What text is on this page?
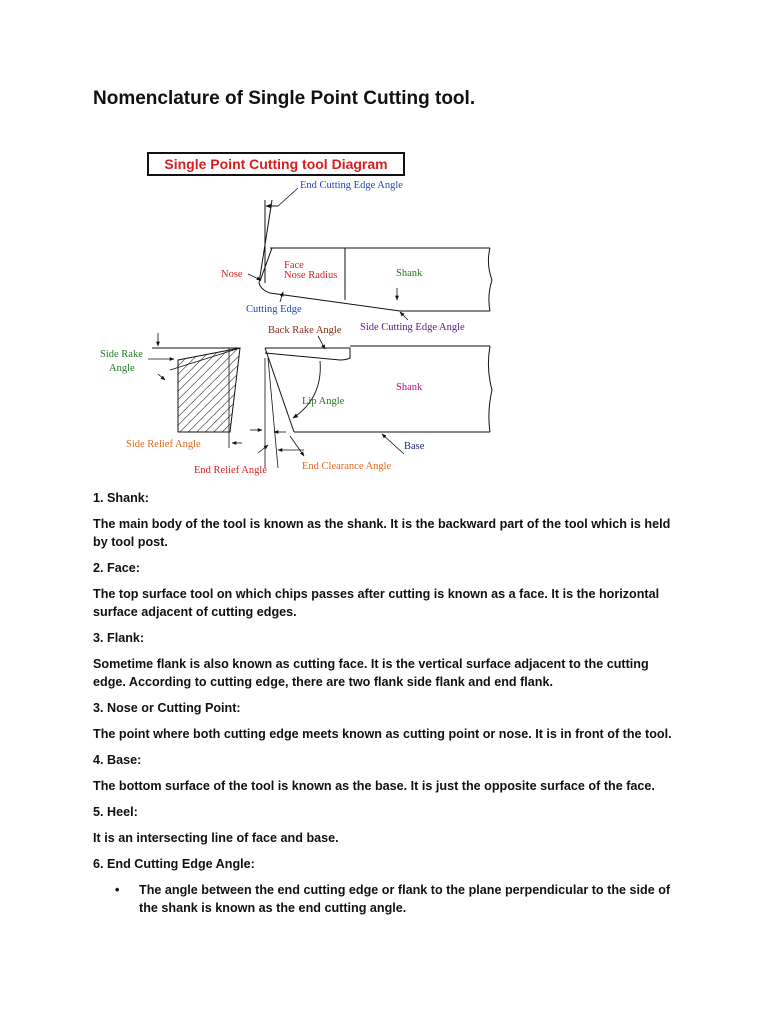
Nomenclature of Single Point Cutting tool.
Single Point Cutting tool Diagram
End Cutting Edge Angle
Face
Nose Radius
Nose	Shank
Cutting Edge
Side Cutting Edge Angle
Back Rake Angle
Shank
Lip Angle
Base
Side Rake
Angle
Side Relief Angle
End Relief Angle	End Clearance Angle

1. Shank:

The main body of the tool is known as the shank. It is the backward part of the tool which is held by tool post.

2. Face:

The top surface tool on which chips passes after cutting is known as a face. It is the horizontal surface adjacent of cutting edges.

3. Flank:

Sometime flank is also known as cutting face. It is the vertical surface adjacent to the cutting edge. According to cutting edge, there are two flank side flank and end flank.

3. Nose or Cutting Point:

The point where both cutting edge meets known as cutting point or nose. It is in front of the tool.

4. Base:

The bottom surface of the tool is known as the base. It is just the opposite surface of the face.

5. Heel:

It is an intersecting line of face and base.

6. End Cutting Edge Angle:

• The angle between the end cutting edge or flank to the plane perpendicular to the side of the shank is known as the end cutting angle.
